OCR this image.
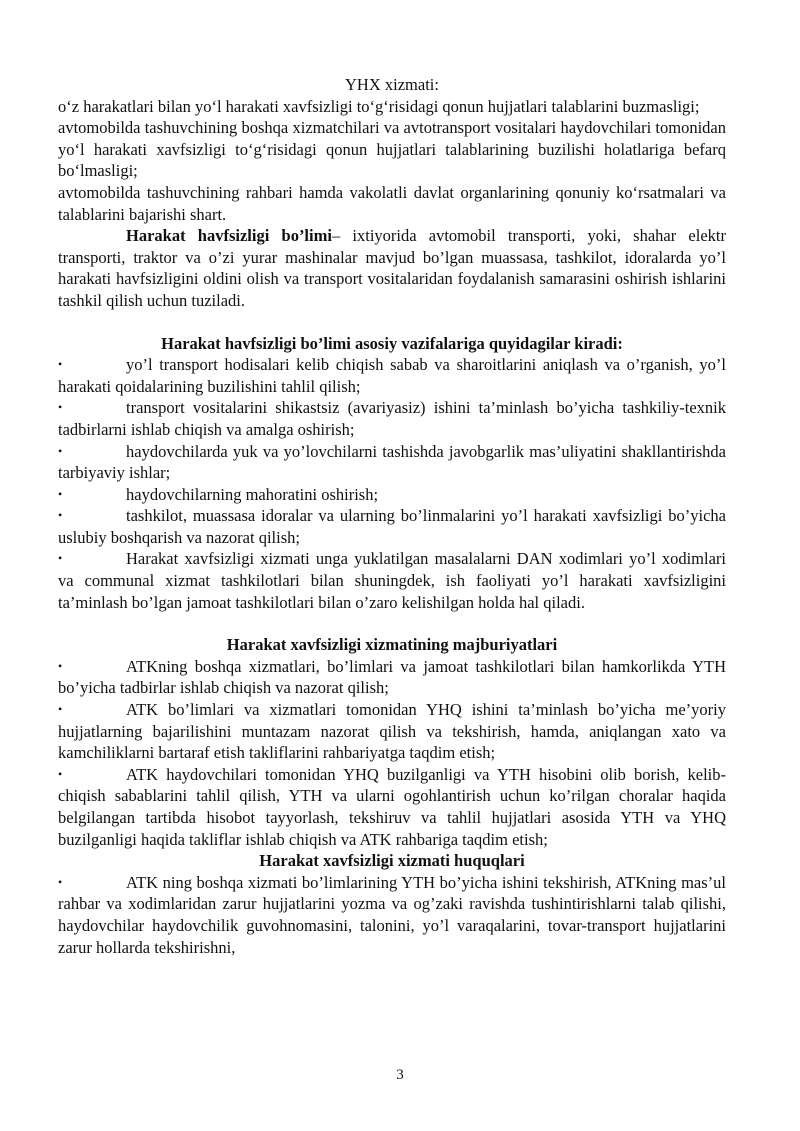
YHX xizmati:

o‘z harakatlari bilan yo‘l harakati xavfsizligi to‘g‘risidagi qonun hujjatlari talablarini buzmasligi;

avtomobilda tashuvchining boshqa xizmatchilari va avtotransport vositalari haydovchilari tomonidan yo‘l harakati xavfsizligi to‘g‘risidagi qonun hujjatlari talablarining buzilishi holatlariga befarq bo‘lmasligi;

avtomobilda tashuvchining rahbari hamda vakolatli davlat organlarining qonuniy ko‘rsatmalari va talablarini bajarishi shart.

Harakat havfsizligi bo’limi– ixtiyorida avtomobil transporti, yoki, shahar elektr transporti, traktor va o’zi yurar mashinalar mavjud bo’lgan muassasa, tashkilot, idoralarda yo’l harakati havfsizligini oldini olish va transport vositalaridan foydalanish samarasini oshirish ishlarini tashkil qilish uchun tuziladi.

Harakat havfsizligi bo’limi asosiy vazifalariga quyidagilar kiradi:

•	yo’l transport hodisalari kelib chiqish sabab va sharoitlarini aniqlash va o’rganish, yo’l harakati qoidalarining buzilishini tahlil qilish;

•	transport vositalarini shikastsiz (avariyasiz) ishini ta’minlash bo’yicha tashkiliy-texnik tadbirlarni ishlab chiqish va amalga oshirish;

•	haydovchilarda yuk va yo’lovchilarni tashishda javobgarlik mas’uliyatini shakllantirishda tarbiyaviy ishlar;

•	haydovchilarning mahoratini oshirish;

•	tashkilot, muassasa idoralar va ularning bo’linmalarini yo’l harakati xavfsizligi bo’yicha uslubiy boshqarish va nazorat qilish;

•	Harakat xavfsizligi xizmati unga yuklatilgan masalalarni DAN xodimlari yo’l xodimlari va communal xizmat tashkilotlari bilan shuningdek, ish faoliyati yo’l harakati xavfsizligini ta’minlash bo’lgan jamoat tashkilotlari bilan o’zaro kelishilgan holda hal qiladi.

Harakat xavfsizligi xizmatining majburiyatlari

•	ATKning boshqa xizmatlari, bo’limlari va jamoat tashkilotlari bilan hamkorlikda YTH bo’yicha tadbirlar ishlab chiqish va nazorat qilish;

•	ATK bo’limlari va xizmatlari tomonidan YHQ ishini ta’minlash bo’yicha me’yoriy hujjatlarning bajarilishini muntazam nazorat qilish va tekshirish, hamda, aniqlangan xato va kamchiliklarni bartaraf etish takliflarini rahbariyatga taqdim etish;

•	ATK haydovchilari tomonidan YHQ buzilganligi va YTH hisobini olib borish, kelib-chiqish sabablarini tahlil qilish, YTH va ularni ogohlantirish uchun ko’rilgan choralar haqida belgilangan tartibda hisobot tayyorlash, tekshiruv va tahlil hujjatlari asosida YTH va YHQ buzilganligi haqida takliflar ishlab chiqish va ATK rahbariga taqdim etish;

Harakat xavfsizligi xizmati huquqlari

•	ATK ning boshqa xizmati bo’limlarining YTH bo’yicha ishini tekshirish, ATKning mas’ul rahbar va xodimlaridan zarur hujjatlarini yozma va og’zaki ravishda tushintirishlarni talab qilishi, haydovchilar haydovchilik guvohnomasini, talonini, yo’l varaqalarini, tovar-transport hujjatlarini zarur hollarda tekshirishni,

3
